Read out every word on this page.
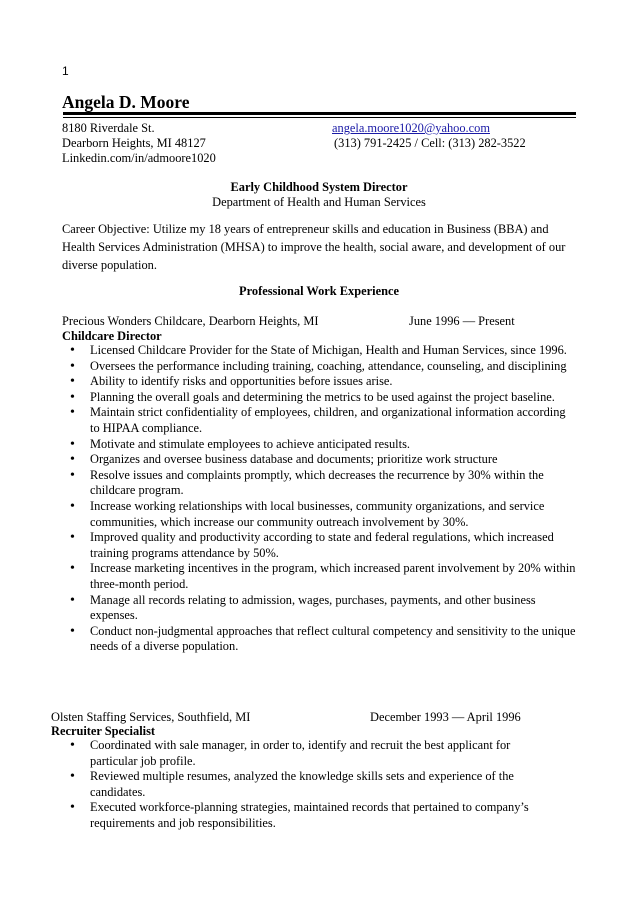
1
Angela D. Moore
8180 Riverdale St.	angela.moore1020@yahoo.com
Dearborn Heights, MI 48127	(313) 791-2425 / Cell: (313) 282-3522
Linkedin.com/in/admoore1020
Early Childhood System Director
Department of Health and Human Services
Career Objective: Utilize my 18 years of entrepreneur skills and education in Business (BBA) and Health Services Administration (MHSA) to improve the health, social aware, and development of our diverse population.
Professional Work Experience
Precious Wonders Childcare, Dearborn Heights, MI	June 1996 — Present
Childcare Director
• Licensed Childcare Provider for the State of Michigan, Health and Human Services, since 1996.
• Oversees the performance including training, coaching, attendance, counseling, and disciplining
• Ability to identify risks and opportunities before issues arise.
• Planning the overall goals and determining the metrics to be used against the project baseline.
• Maintain strict confidentiality of employees, children, and organizational information according to HIPAA compliance.
• Motivate and stimulate employees to achieve anticipated results.
• Organizes and oversee business database and documents; prioritize work structure
• Resolve issues and complaints promptly, which decreases the recurrence by 30% within the childcare program.
• Increase working relationships with local businesses, community organizations, and service communities, which increase our community outreach involvement by 30%.
• Improved quality and productivity according to state and federal regulations, which increased training programs attendance by 50%.
• Increase marketing incentives in the program, which increased parent involvement by 20% within three-month period.
• Manage all records relating to admission, wages, purchases, payments, and other business expenses.
• Conduct non-judgmental approaches that reflect cultural competency and sensitivity to the unique needs of a diverse population.
Olsten Staffing Services, Southfield, MI	December 1993 — April 1996
Recruiter Specialist
• Coordinated with sale manager, in order to, identify and recruit the best applicant for particular job profile.
• Reviewed multiple resumes, analyzed the knowledge skills sets and experience of the candidates.
• Executed workforce-planning strategies, maintained records that pertained to company’s requirements and job responsibilities.
